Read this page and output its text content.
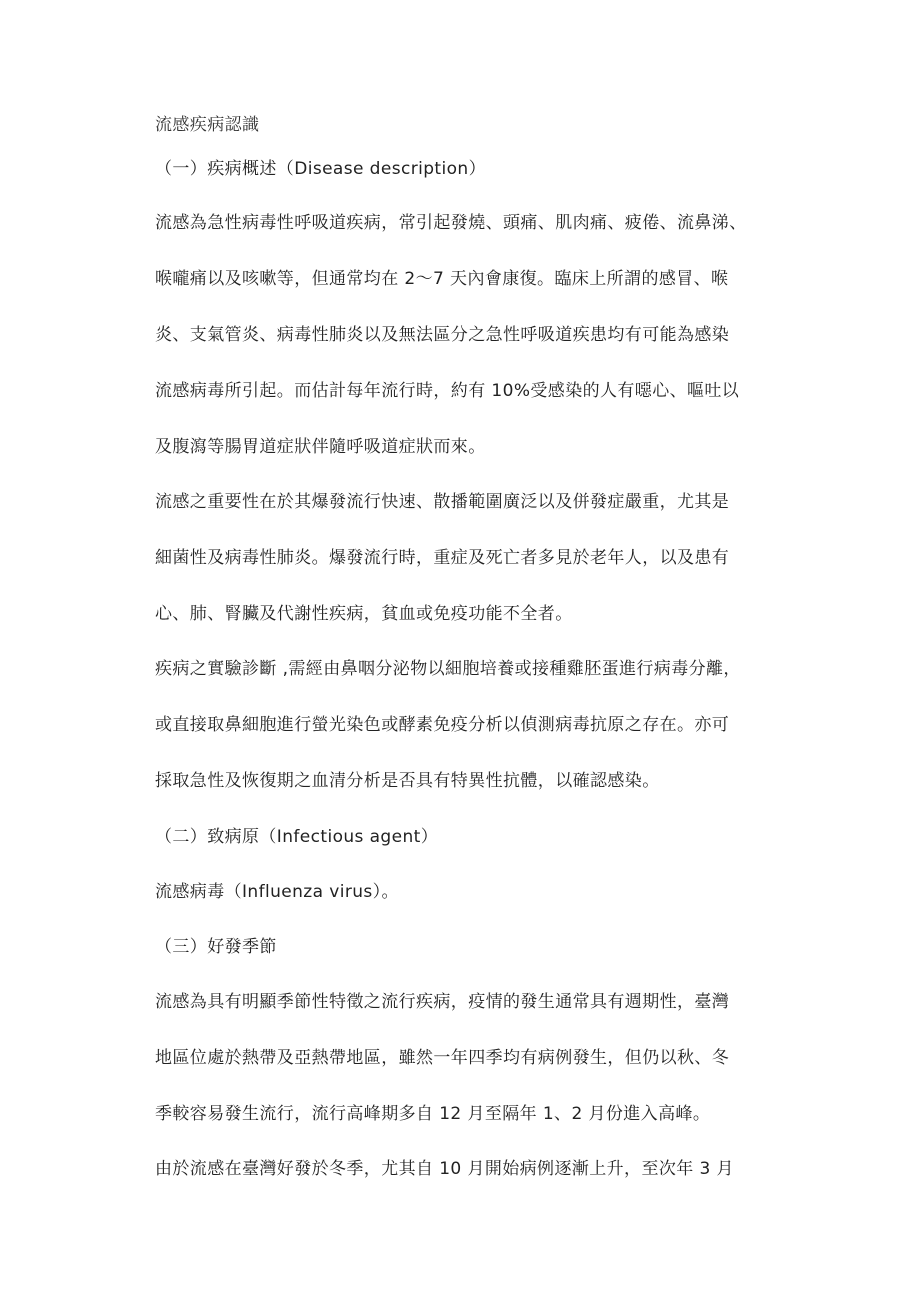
流感疾病認識
（一）疾病概述（Disease description）
流感為急性病毒性呼吸道疾病，常引起發燒、頭痛、肌肉痛、疲倦、流鼻涕、
喉嚨痛以及咳嗽等，但通常均在 2～7 天內會康復。臨床上所謂的感冒、喉
炎、支氣管炎、病毒性肺炎以及無法區分之急性呼吸道疾患均有可能為感染
流感病毒所引起。而估計每年流行時，約有 10%受感染的人有噁心、嘔吐以
及腹瀉等腸胃道症狀伴隨呼吸道症狀而來。
流感之重要性在於其爆發流行快速、散播範圍廣泛以及併發症嚴重，尤其是
細菌性及病毒性肺炎。爆發流行時，重症及死亡者多見於老年人，以及患有
心、肺、腎臟及代謝性疾病，貧血或免疫功能不全者。
疾病之實驗診斷 ,需經由鼻咽分泌物以細胞培養或接種雞胚蛋進行病毒分離，
或直接取鼻細胞進行螢光染色或酵素免疫分析以偵測病毒抗原之存在。亦可
採取急性及恢復期之血清分析是否具有特異性抗體，以確認感染。
（二）致病原（Infectious agent）
流感病毒（Influenza virus）。
（三）好發季節
流感為具有明顯季節性特徵之流行疾病，疫情的發生通常具有週期性，臺灣
地區位處於熱帶及亞熱帶地區，雖然一年四季均有病例發生，但仍以秋、冬
季較容易發生流行，流行高峰期多自 12 月至隔年 1、2 月份進入高峰。
由於流感在臺灣好發於冬季，尤其自 10 月開始病例逐漸上升，至次年 3 月
